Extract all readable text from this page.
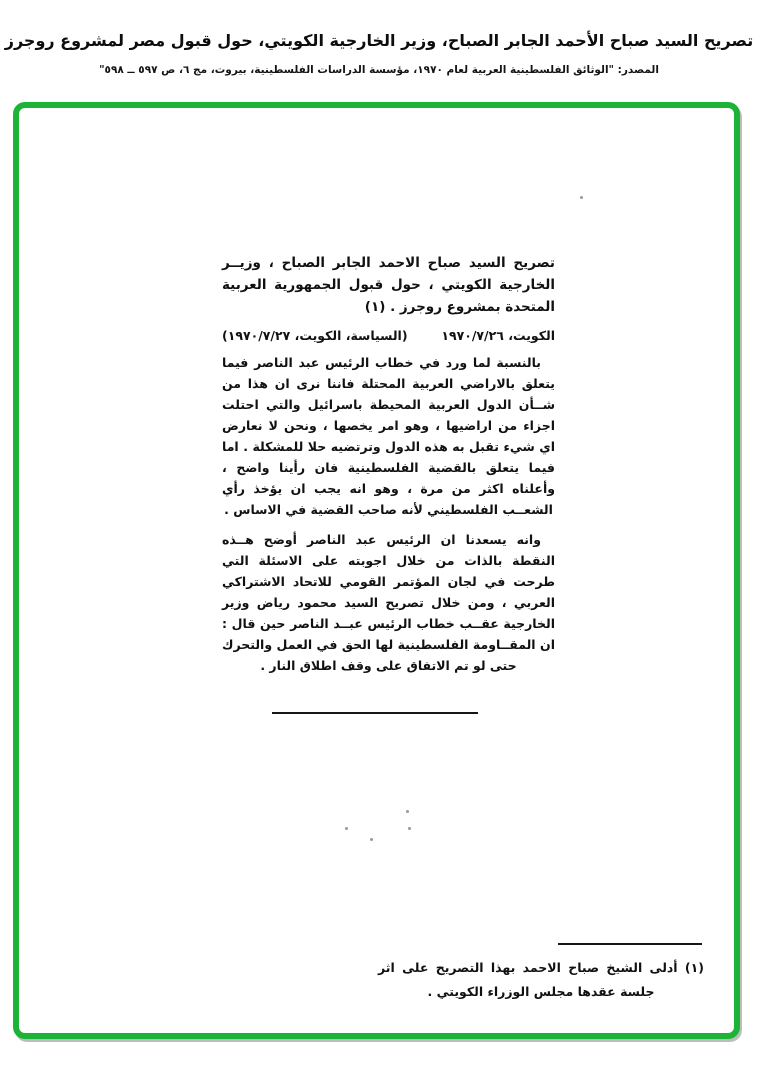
تصريح السيد صباح الأحمد الجابر الصباح، وزير الخارجية الكويتي، حول قبول مصر لمشروع روجرز
المصدر: "الوثائق الفلسطينية العربية لعام ١٩٧٠، مؤسسة الدراسات الفلسطينية، بيروت، مج ٦، ص ٥٩٧ ــ ٥٩٨"
تصريح السيد صباح الاحمد الجابر الصباح ، وزيــر الخارجية الكويتي ، حول قبول الجمهورية العربية المتحدة بمشروع روجرز . (١)
الكويت، ١٩٧٠/٧/٢٦
(السياسة، الكويت، ١٩٧٠/٧/٢٧)

بالنسبة لما ورد في خطاب الرئيس عبد الناصر فيما يتعلق بالاراضي العربية المحتلة فاننا نرى ان هذا من شــأن الدول العربية المحيطة باسرائيل والتي احتلت اجزاء من اراضيها ، وهو امر يخصها ، ونحن لا نعارض اي شيء تقبل به هذه الدول وترتضيه حلا للمشكلة . اما فيما يتعلق بالقضية الفلسطينية فان رأينا واضح ، وأعلناه اكثر من مرة ، وهو انه يجب ان يؤخذ رأي الشعــب الفلسطيني لأنه صاحب القضية في الاساس .

وانه يسعدنا ان الرئيس عبد الناصر أوضح هــذه النقطة بالذات من خلال اجوبته على الاسئلة التي طرحت في لجان المؤتمر القومي للاتحاد الاشتراكي العربي ، ومن خلال تصريح السيد محمود رياض وزير الخارجية عقــب خطاب الرئيس عبــد الناصر حين قال : ان المقــاومة الفلسطينية لها الحق في العمل والتحرك حتى لو تم الاتفاق على وقف اطلاق النار .

(١) أدلى الشيخ صباح الاحمد بهذا التصريح على اثر جلسة عقدها مجلس الوزراء الكويتي .
